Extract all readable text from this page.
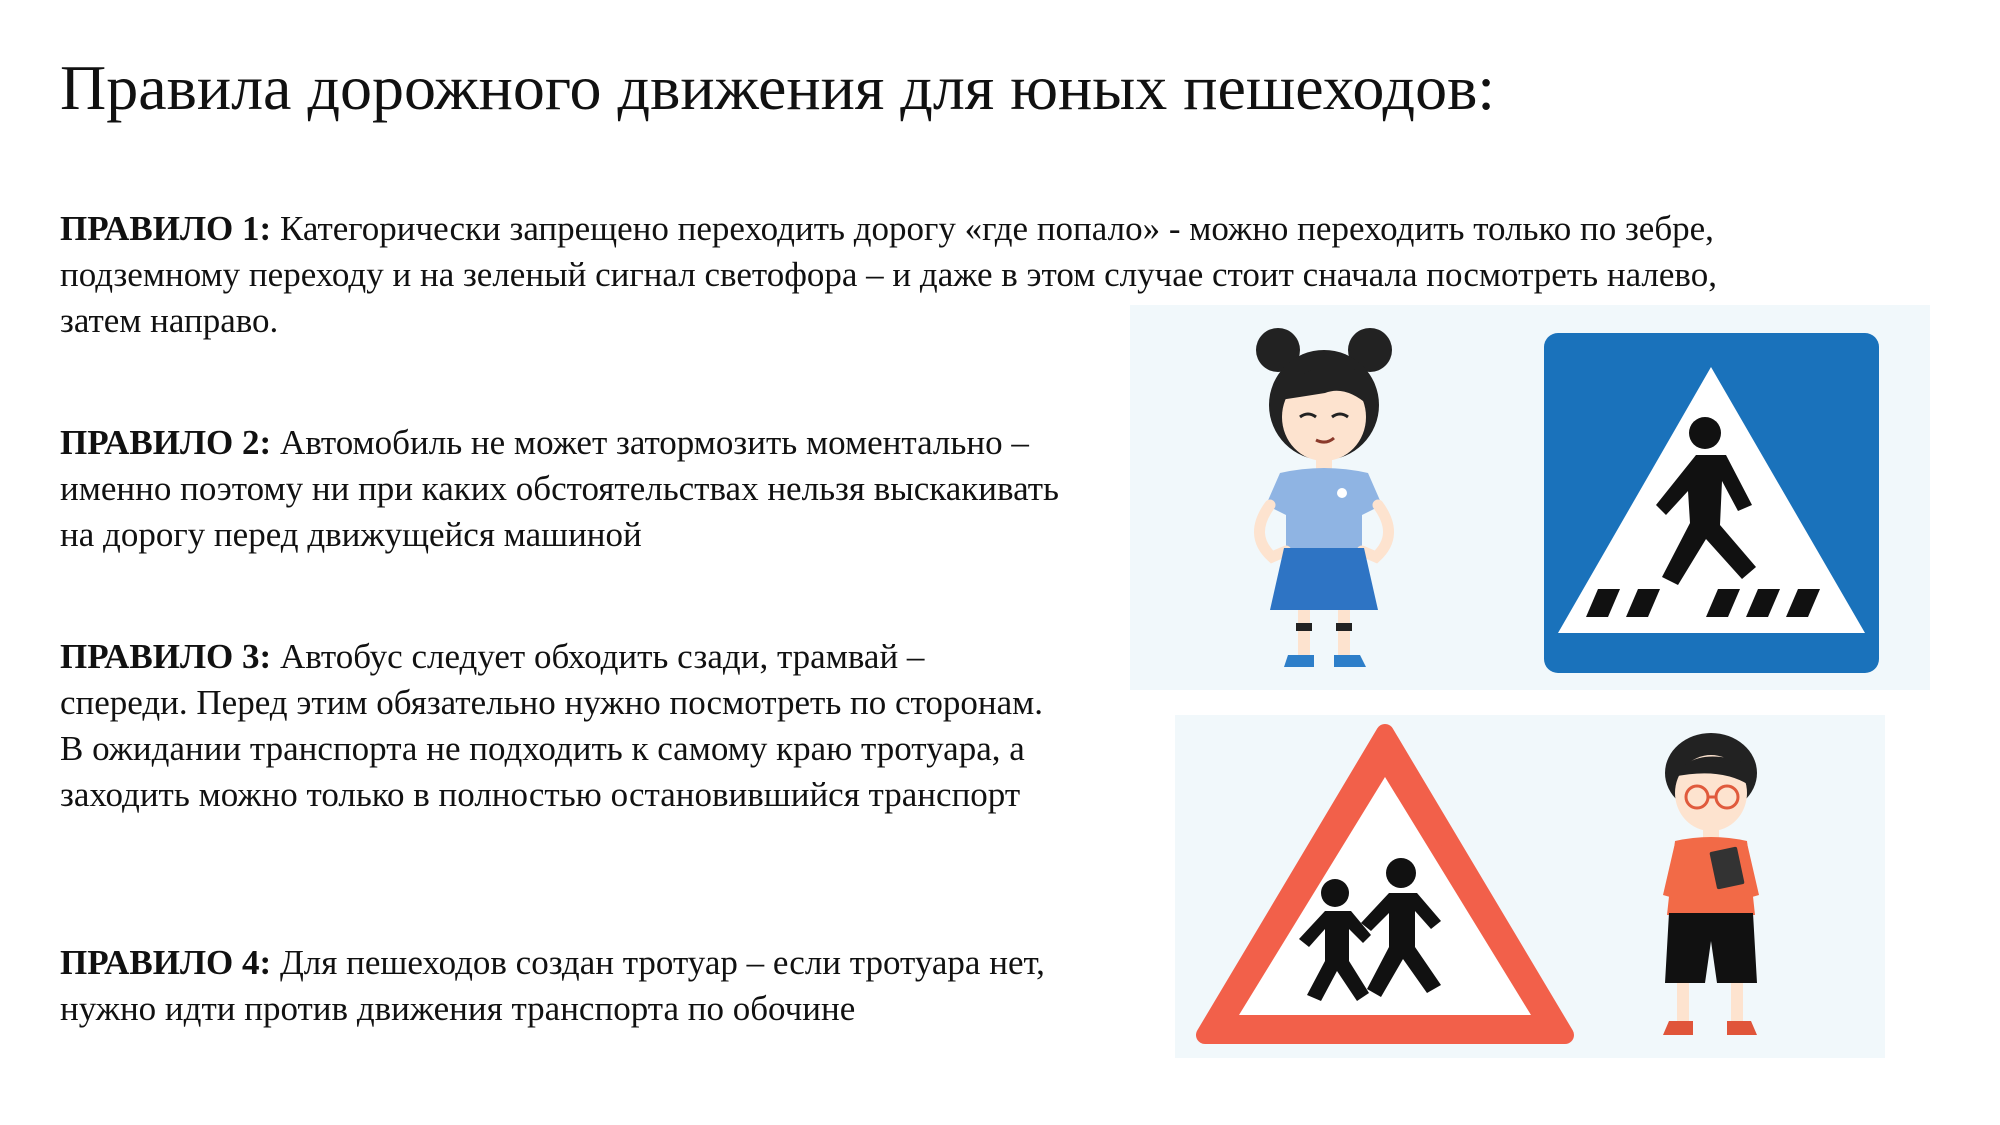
Правила дорожного движения для юных пешеходов:

ПРАВИЛО 1: Категорически запрещено переходить дорогу «где попало» - можно переходить только по зебре, подземному переходу и на зеленый сигнал светофора – и даже в этом случае стоит сначала посмотреть налево, затем направо.

ПРАВИЛО 2: Автомобиль не может затормозить моментально – именно поэтому ни при каких обстоятельствах нельзя выскакивать на дорогу перед движущейся машиной

ПРАВИЛО 3: Автобус следует обходить сзади, трамвай – спереди. Перед этим обязательно нужно посмотреть по сторонам. В ожидании транспорта не подходить к самому краю тротуара, а заходить можно только в полностью остановившийся транспорт

ПРАВИЛО 4: Для пешеходов создан тротуар – если тротуара нет, нужно идти против движения транспорта по обочине
